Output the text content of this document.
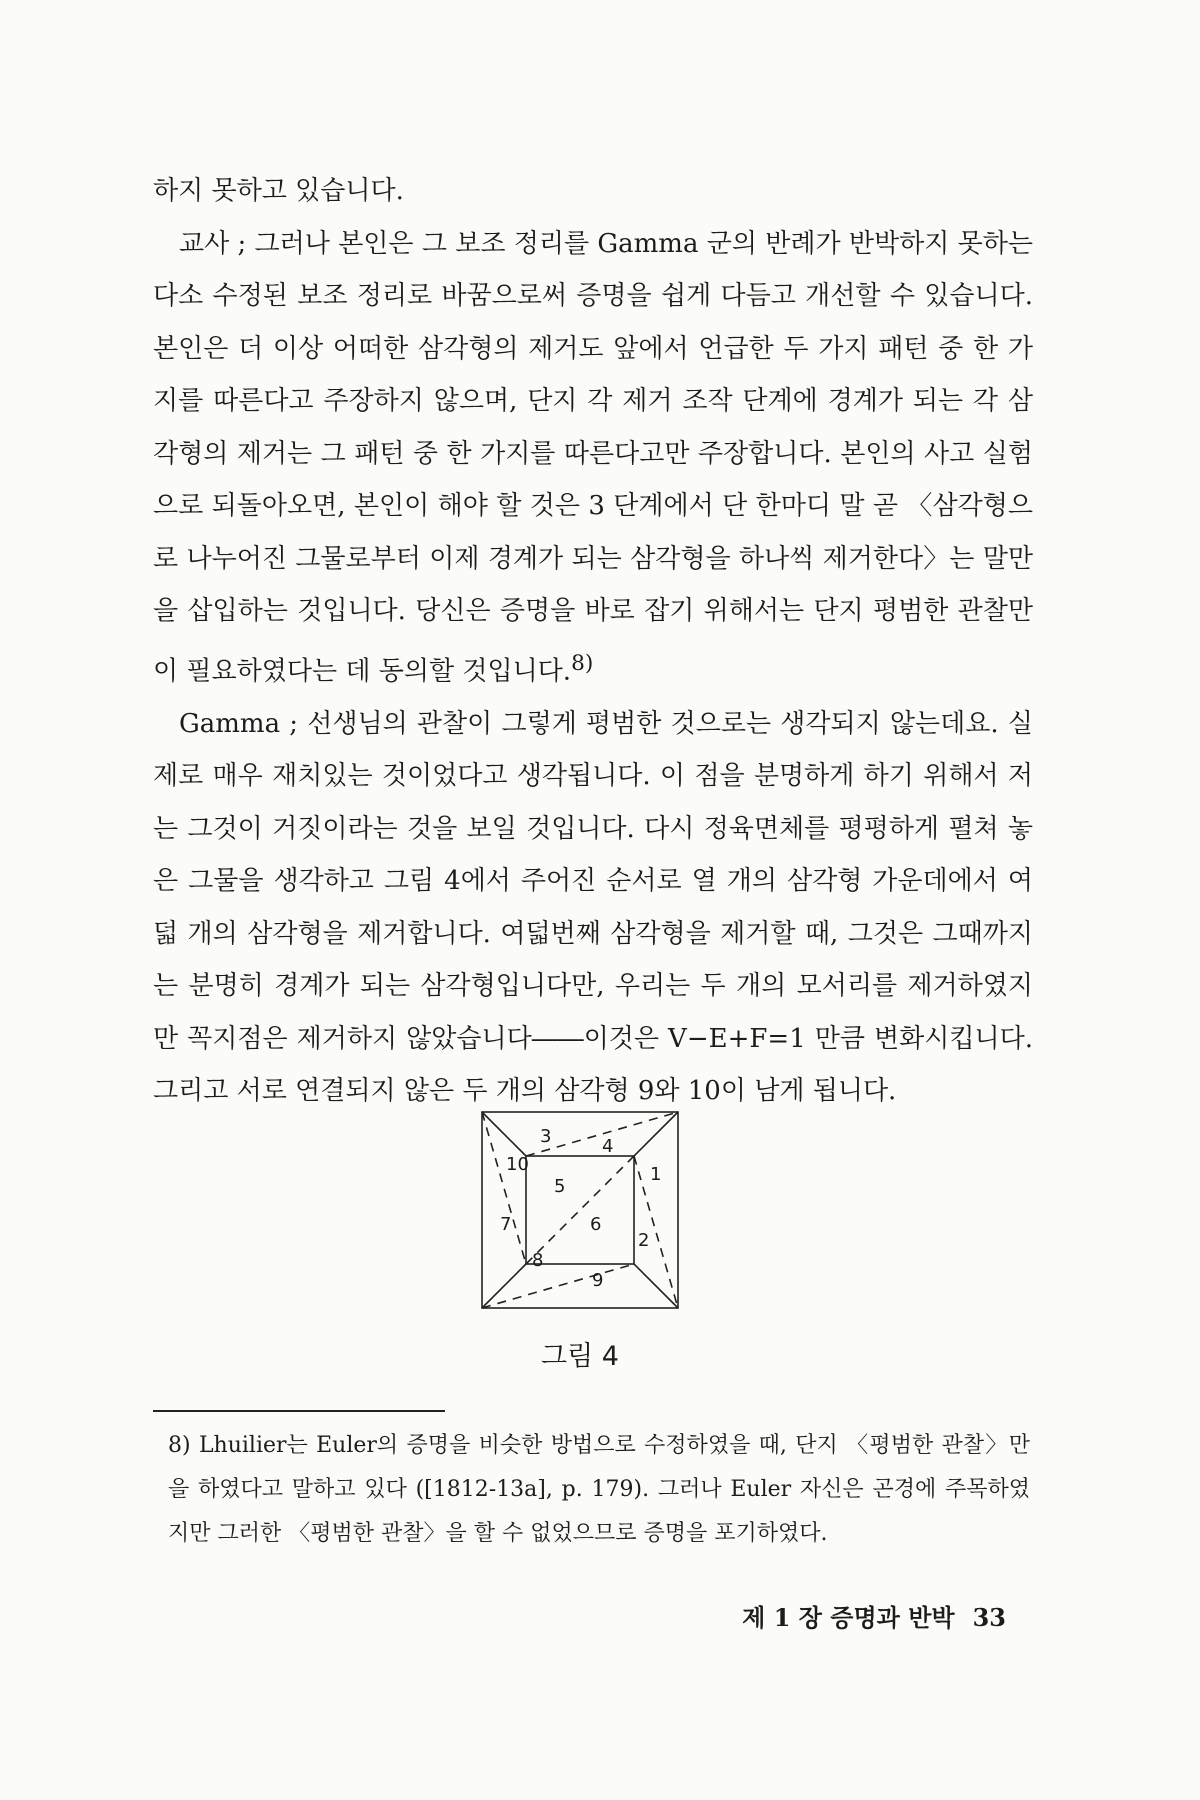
하지 못하고 있습니다.

교사 ; 그러나 본인은 그 보조 정리를 Gamma 군의 반례가 반박하지 못하는 다소 수정된 보조 정리로 바꿈으로써 증명을 쉽게 다듬고 개선할 수 있습니다. 본인은 더 이상 어떠한 삼각형의 제거도 앞에서 언급한 두 가지 패턴 중 한 가지를 따른다고 주장하지 않으며, 단지 각 제거 조작 단계에 경계가 되는 각 삼각형의 제거는 그 패턴 중 한 가지를 따른다고만 주장합니다. 본인의 사고 실험으로 되돌아오면, 본인이 해야 할 것은 3 단계에서 단 한마디 말 곧 〈삼각형으로 나누어진 그물로부터 이제 경계가 되는 삼각형을 하나씩 제거한다〉는 말만을 삽입하는 것입니다. 당신은 증명을 바로 잡기 위해서는 단지 평범한 관찰만이 필요하였다는 데 동의할 것입니다.$^{8)}$

Gamma ; 선생님의 관찰이 그렇게 평범한 것으로는 생각되지 않는데요. 실제로 매우 재치있는 것이었다고 생각됩니다. 이 점을 분명하게 하기 위해서 저는 그것이 거짓이라는 것을 보일 것입니다. 다시 정육면체를 평평하게 펼쳐 놓은 그물을 생각하고 그림 4에서 주어진 순서로 열 개의 삼각형 가운데에서 여덟 개의 삼각형을 제거합니다. 여덟번째 삼각형을 제거할 때, 그것은 그때까지는 분명히 경계가 되는 삼각형입니다만, 우리는 두 개의 모서리를 제거하였지만 꼭지점은 제거하지 않았습니다――이것은 V−E+F=1 만큼 변화시킵니다. 그리고 서로 연결되지 않은 두 개의 삼각형 9와 10이 남게 됩니다.

3	4
10
5
1
7	6
2
8
9
그림 4
8) Lhuilier는 Euler의 증명을 비슷한 방법으로 수정하였을 때, 단지 〈평범한 관찰〉만을 하였다고 말하고 있다 ([1812-13a], p. 179). 그러나 Euler 자신은 곤경에 주목하였지만 그러한 〈평범한 관찰〉을 할 수 없었으므로 증명을 포기하였다.
제 1 장 증명과 반박 33
